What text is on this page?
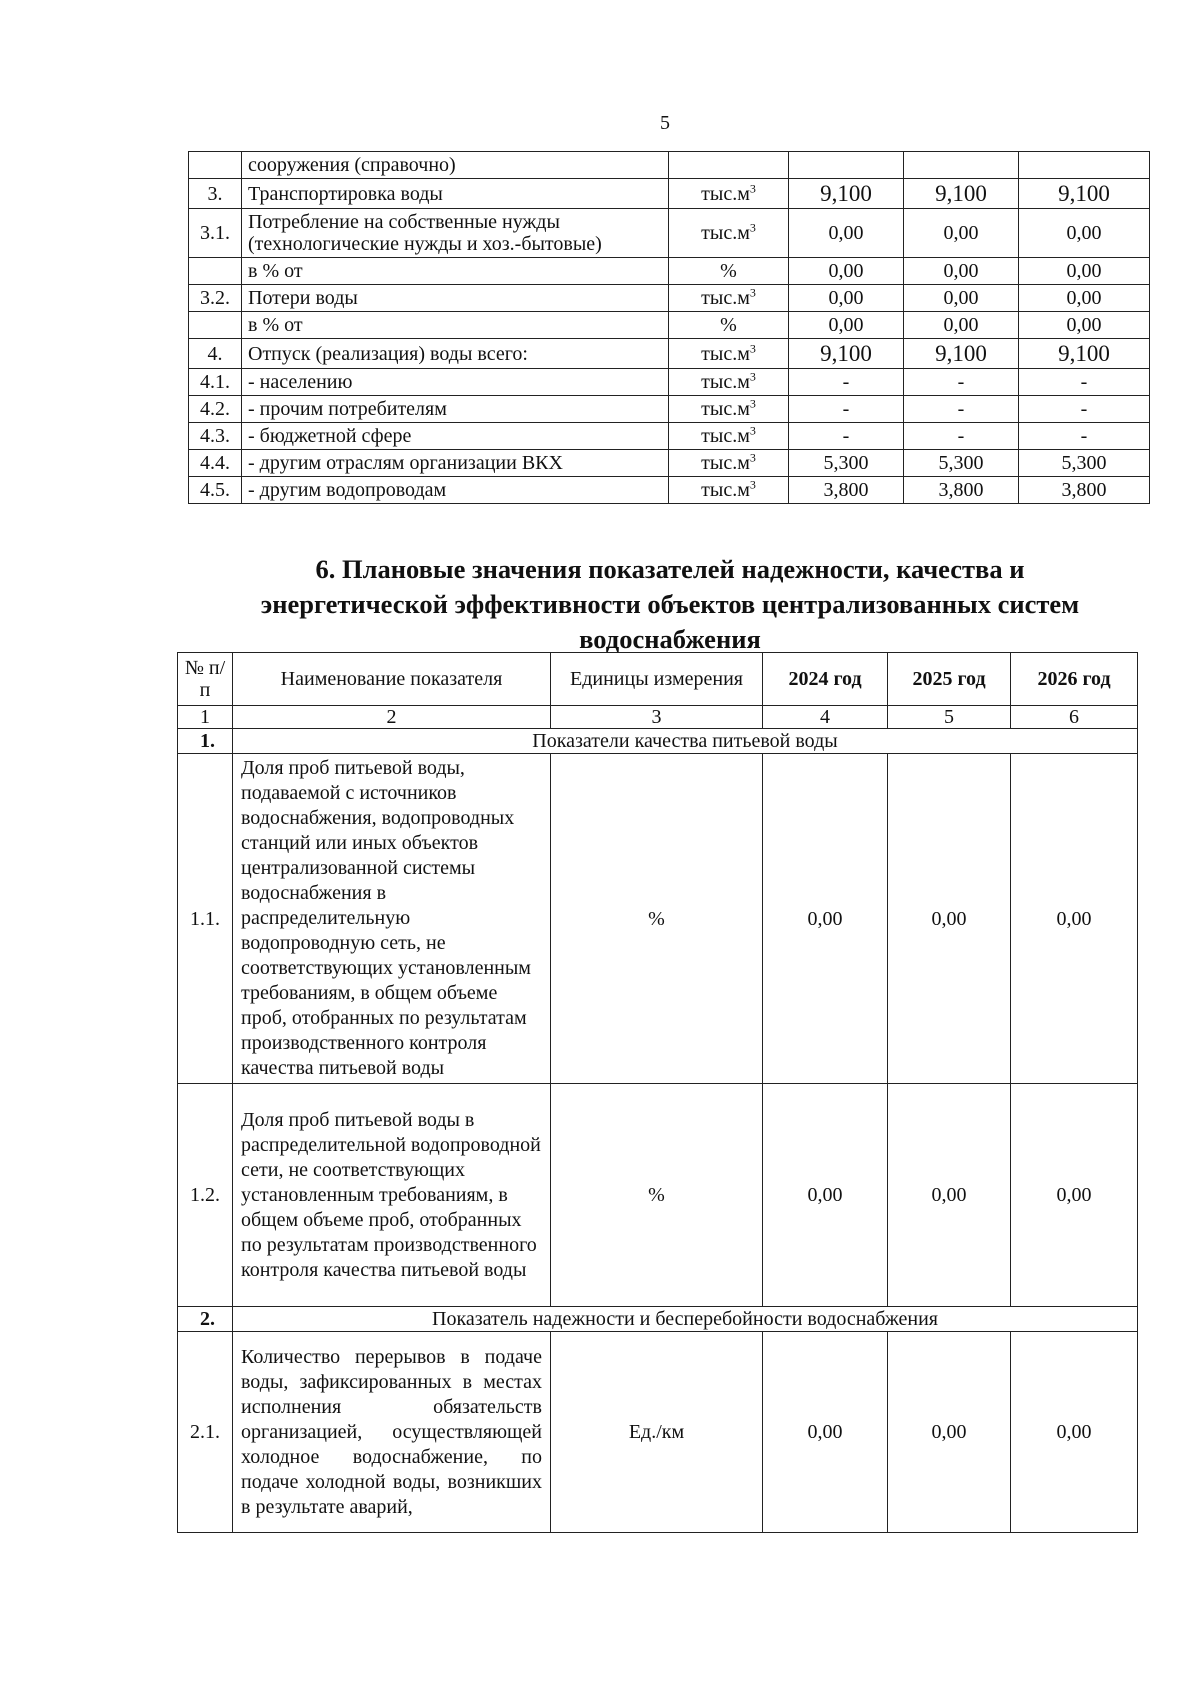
5
	сооружения (справочно)				
3.	Транспортировка воды	$тыс.м^3$	9,100	9,100	9,100
3.1.	Потребление на собственные нужды (технологические нужды и хоз.-бытовые)	$тыс.м^3$	0,00	0,00	0,00
	в % от	%	0,00	0,00	0,00
3.2.	Потери воды	$тыс.м^3$	0,00	0,00	0,00
	в % от	%	0,00	0,00	0,00
4.	Отпуск (реализация) воды всего:	$тыс.м^3$	9,100	9,100	9,100
4.1.	- населению	$тыс.м^3$	-	-	-
4.2.	- прочим потребителям	$тыс.м^3$	-	-	-
4.3.	- бюджетной сфере	$тыс.м^3$	-	-	-
4.4.	- другим отраслям организации ВКХ	$тыс.м^3$	5,300	5,300	5,300
4.5.	- другим водопроводам	$тыс.м^3$	3,800	3,800	3,800
6. Плановые значения показателей надежности, качества и энергетической эффективности объектов централизованных систем водоснабжения
№ п/п	Наименование показателя	Единицы измерения	2024 год	2025 год	2026 год
1	2	3	4	5	6
1.	Показатели качества питьевой воды				
1.1.	Доля проб питьевой воды, подаваемой с источников водоснабжения, водопроводных станций или иных объектов централизованной системы водоснабжения в распределительную водопроводную сеть, не соответствующих установленным требованиям, в общем объеме проб, отобранных по результатам производственного контроля качества питьевой воды	%	0,00	0,00	0,00
1.2.	Доля проб питьевой воды в распределительной водопроводной сети, не соответствующих установленным требованиям, в общем объеме проб, отобранных по результатам производственного контроля качества питьевой воды	%	0,00	0,00	0,00
2.	Показатель надежности и бесперебойности водоснабжения				
2.1.	Количество перерывов в подаче воды, зафиксированных в местах исполнения обязательств организацией, осуществляющей холодное водоснабжение, по подаче холодной воды, возникших в результате аварий,	Ед./км	0,00	0,00	0,00
